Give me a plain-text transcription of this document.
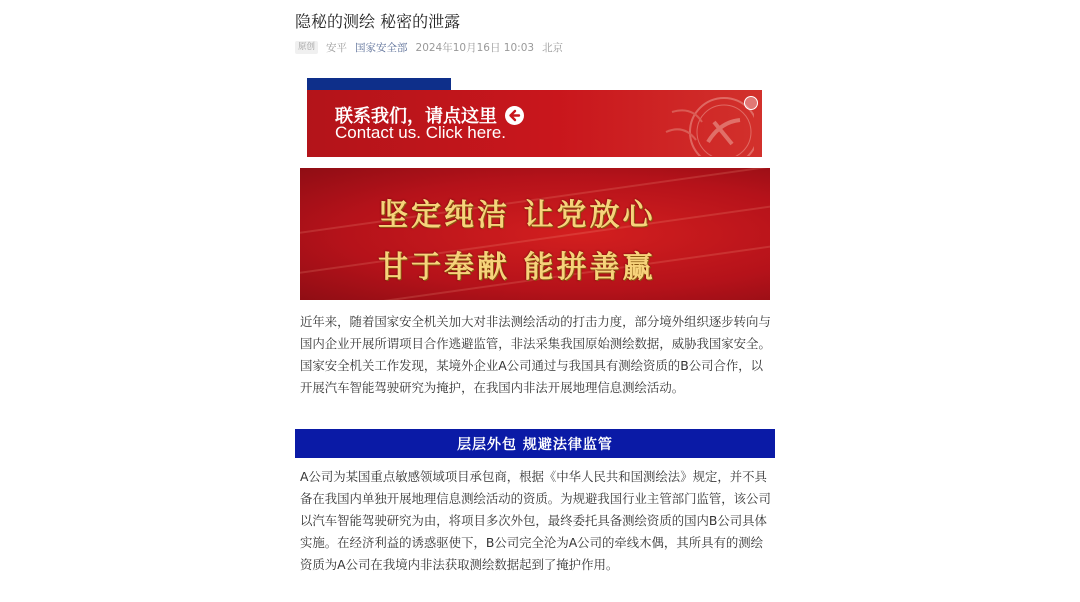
隐秘的测绘 秘密的泄露
原创 安平 国家安全部 2024年10月16日 10:03 北京
联系我们，请点这里
Contact us. Click here.
坚定纯洁 让党放心
甘于奉献 能拼善赢

近年来，随着国家安全机关加大对非法测绘活动的打击力度，部分境外组织逐步转向与国内企业开展所谓项目合作逃避监管，非法采集我国原始测绘数据，威胁我国家安全。国家安全机关工作发现，某境外企业A公司通过与我国具有测绘资质的B公司合作，以开展汽车智能驾驶研究为掩护，在我国内非法开展地理信息测绘活动。

层层外包 规避法律监管

A公司为某国重点敏感领域项目承包商，根据《中华人民共和国测绘法》规定，并不具备在我国内单独开展地理信息测绘活动的资质。为规避我国行业主管部门监管，该公司以汽车智能驾驶研究为由，将项目多次外包，最终委托具备测绘资质的国内B公司具体实施。在经济利益的诱惑驱使下，B公司完全沦为A公司的牵线木偶，其所具有的测绘资质为A公司在我境内非法获取测绘数据起到了掩护作用。
